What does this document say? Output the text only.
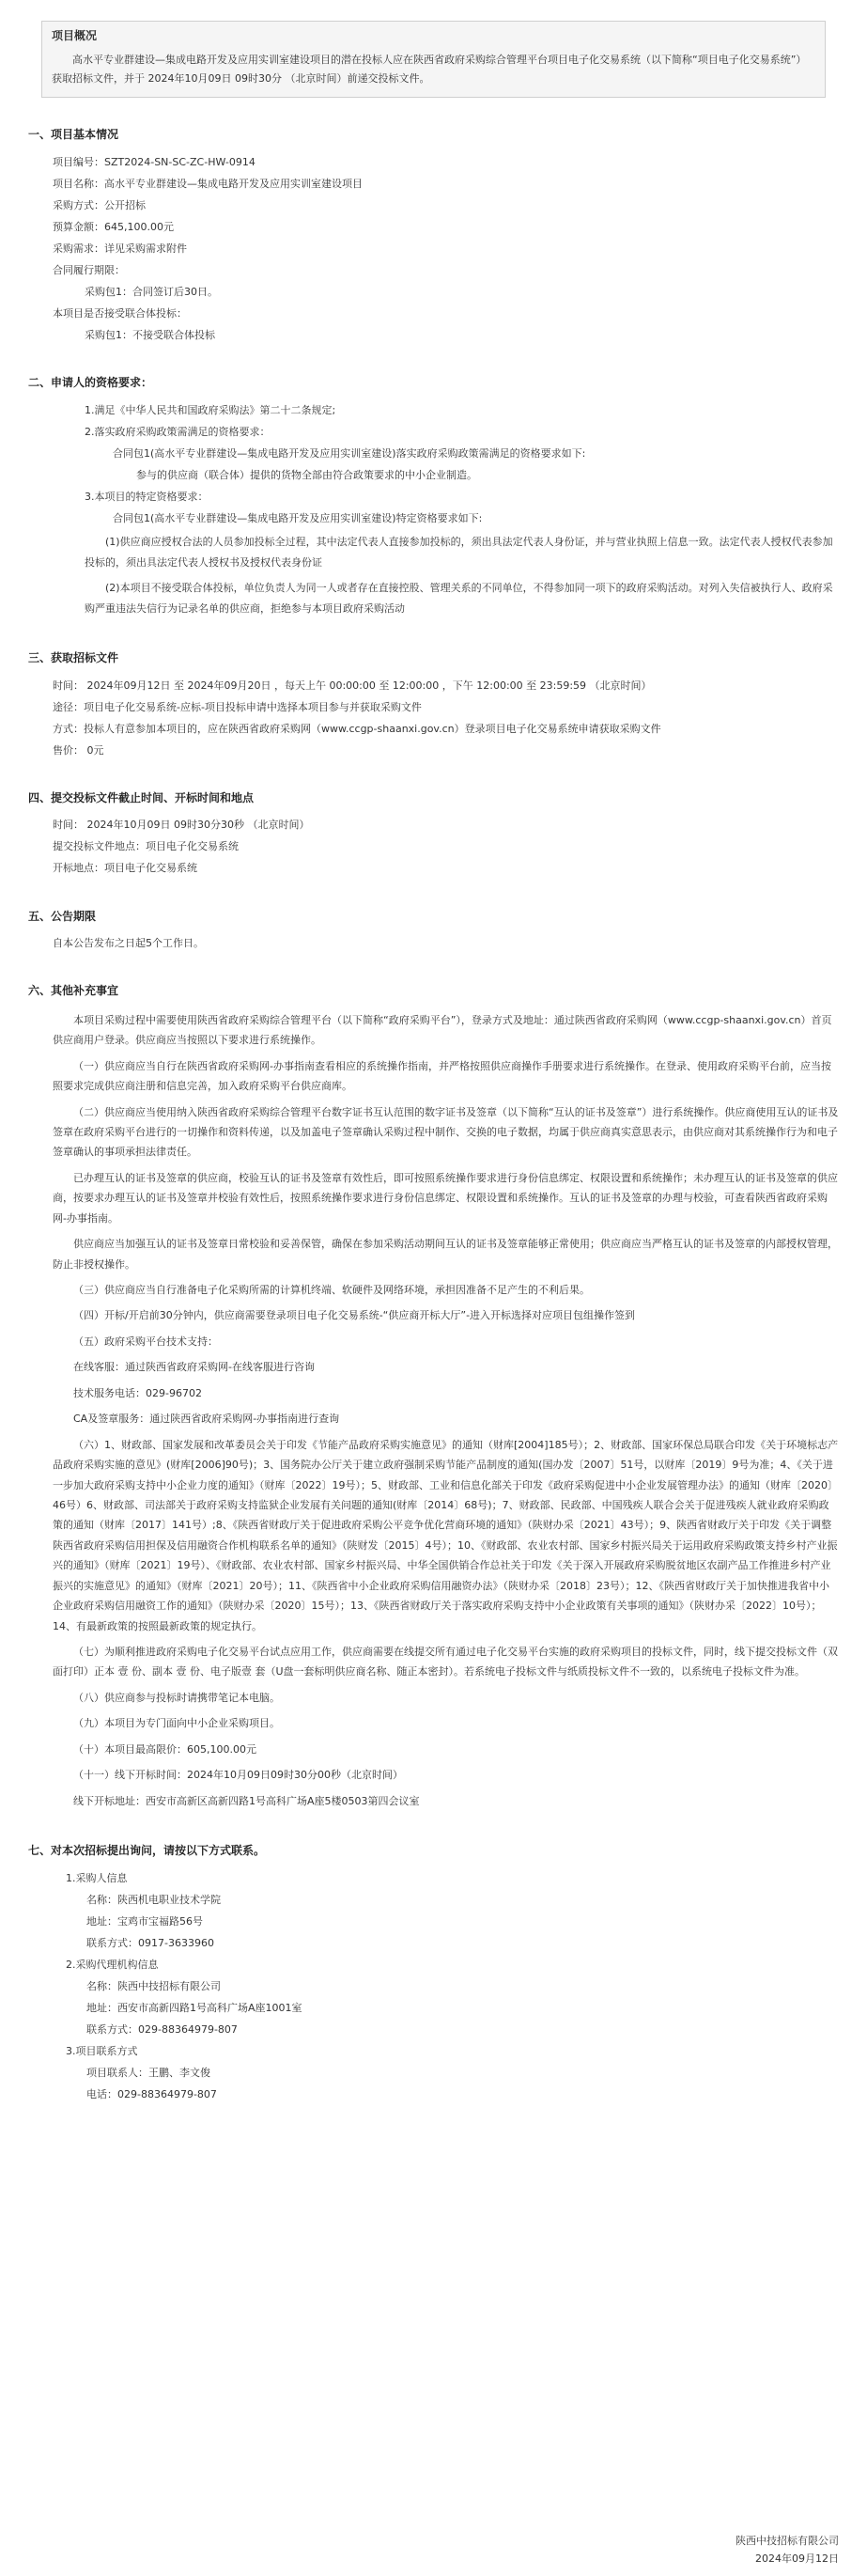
项目概况
高水平专业群建设—集成电路开发及应用实训室建设项目的潜在投标人应在陕西省政府采购综合管理平台项目电子化交易系统（以下简称“项目电子化交易系统”）获取招标文件，并于 2024年10月09日 09时30分 （北京时间）前递交投标文件。
一、项目基本情况

项目编号：SZT2024-SN-SC-ZC-HW-0914

项目名称：高水平专业群建设—集成电路开发及应用实训室建设项目

采购方式：公开招标

预算金额：645,100.00元

采购需求：详见采购需求附件

合同履行期限：

采购包1：合同签订后30日。

本项目是否接受联合体投标：

采购包1：不接受联合体投标

二、申请人的资格要求：

1.满足《中华人民共和国政府采购法》第二十二条规定;

2.落实政府采购政策需满足的资格要求：

合同包1(高水平专业群建设—集成电路开发及应用实训室建设)落实政府采购政策需满足的资格要求如下:

参与的供应商（联合体）提供的货物全部由符合政策要求的中小企业制造。

3.本项目的特定资格要求：

合同包1(高水平专业群建设—集成电路开发及应用实训室建设)特定资格要求如下:

(1)供应商应授权合法的人员参加投标全过程，其中法定代表人直接参加投标的，须出具法定代表人身份证，并与营业执照上信息一致。法定代表人授权代表参加投标的，须出具法定代表人授权书及授权代表身份证

(2)本项目不接受联合体投标，单位负责人为同一人或者存在直接控股、管理关系的不同单位，不得参加同一项下的政府采购活动。对列入失信被执行人、政府采购严重违法失信行为记录名单的供应商，拒绝参与本项目政府采购活动

三、获取招标文件

时间： 2024年09月12日 至 2024年09月20日 ，每天上午 00:00:00 至 12:00:00 ，下午 12:00:00 至 23:59:59 （北京时间）

途径：项目电子化交易系统-应标-项目投标申请中选择本项目参与并获取采购文件

方式：投标人有意参加本项目的，应在陕西省政府采购网（www.ccgp-shaanxi.gov.cn）登录项目电子化交易系统申请获取采购文件

售价： 0元

四、提交投标文件截止时间、开标时间和地点

时间： 2024年10月09日 09时30分30秒 （北京时间）

提交投标文件地点：项目电子化交易系统

开标地点：项目电子化交易系统

五、公告期限

自本公告发布之日起5个工作日。

六、其他补充事宜

本项目采购过程中需要使用陕西省政府采购综合管理平台（以下简称“政府采购平台”），登录方式及地址：通过陕西省政府采购网（www.ccgp-shaanxi.gov.cn）首页供应商用户登录。供应商应当按照以下要求进行系统操作。

（一）供应商应当自行在陕西省政府采购网-办事指南查看相应的系统操作指南，并严格按照供应商操作手册要求进行系统操作。在登录、使用政府采购平台前，应当按照要求完成供应商注册和信息完善，加入政府采购平台供应商库。

（二）供应商应当使用纳入陕西省政府采购综合管理平台数字证书互认范围的数字证书及签章（以下简称“互认的证书及签章”）进行系统操作。供应商使用互认的证书及签章在政府采购平台进行的一切操作和资料传递，以及加盖电子签章确认采购过程中制作、交换的电子数据，均属于供应商真实意思表示，由供应商对其系统操作行为和电子签章确认的事项承担法律责任。

已办理互认的证书及签章的供应商，校验互认的证书及签章有效性后，即可按照系统操作要求进行身份信息绑定、权限设置和系统操作；未办理互认的证书及签章的供应商，按要求办理互认的证书及签章并校验有效性后，按照系统操作要求进行身份信息绑定、权限设置和系统操作。互认的证书及签章的办理与校验，可查看陕西省政府采购网-办事指南。

供应商应当加强互认的证书及签章日常校验和妥善保管，确保在参加采购活动期间互认的证书及签章能够正常使用；供应商应当严格互认的证书及签章的内部授权管理，防止非授权操作。

（三）供应商应当自行准备电子化采购所需的计算机终端、软硬件及网络环境，承担因准备不足产生的不利后果。

（四）开标/开启前30分钟内，供应商需要登录项目电子化交易系统-“供应商开标大厅”-进入开标选择对应项目包组操作签到

（五）政府采购平台技术支持：

在线客服：通过陕西省政府采购网-在线客服进行咨询

技术服务电话：029-96702

CA及签章服务：通过陕西省政府采购网-办事指南进行查询

（六）1、财政部、国家发展和改革委员会关于印发《节能产品政府采购实施意见》的通知（财库[2004]185号）；2、财政部、国家环保总局联合印发《关于环境标志产品政府采购实施的意见》(财库[2006]90号)；3、国务院办公厅关于建立政府强制采购节能产品制度的通知(国办发〔2007〕51号，以财库〔2019〕9号为准；4、《关于进一步加大政府采购支持中小企业力度的通知》（财库〔2022〕19号）；5、财政部、工业和信息化部关于印发《政府采购促进中小企业发展管理办法》的通知（财库〔2020〕46号）6、财政部、司法部关于政府采购支持监狱企业发展有关问题的通知(财库〔2014〕68号)；7、财政部、民政部、中国残疾人联合会关于促进残疾人就业政府采购政策的通知（财库〔2017〕141号）;8、《陕西省财政厅关于促进政府采购公平竞争优化营商环境的通知》（陕财办采〔2021〕43号）；9、陕西省财政厅关于印发《关于调整陕西省政府采购信用担保及信用融资合作机构联系名单的通知》（陕财发〔2015〕4号）；10、《财政部、农业农村部、国家乡村振兴局关于运用政府采购政策支持乡村产业振兴的通知》（财库〔2021〕19号）、《财政部、农业农村部、国家乡村振兴局、中华全国供销合作总社关于印发《关于深入开展政府采购脱贫地区农副产品工作推进乡村产业振兴的实施意见》的通知》（财库〔2021〕20号）；11、《陕西省中小企业政府采购信用融资办法》（陕财办采〔2018〕23号）；12、《陕西省财政厅关于加快推进我省中小企业政府采购信用融资工作的通知》（陕财办采〔2020〕15号）；13、《陕西省财政厅关于落实政府采购支持中小企业政策有关事项的通知》（陕财办采〔2022〕10号）；14、有最新政策的按照最新政策的规定执行。

（七）为顺利推进政府采购电子化交易平台试点应用工作，供应商需要在线提交所有通过电子化交易平台实施的政府采购项目的投标文件，同时，线下提交投标文件（双面打印）正本 壹 份、副本 壹 份、电子版壹 套（U盘一套标明供应商名称、随正本密封）。若系统电子投标文件与纸质投标文件不一致的，以系统电子投标文件为准。

（八）供应商参与投标时请携带笔记本电脑。

（九）本项目为专门面向中小企业采购项目。

（十）本项目最高限价：605,100.00元

（十一）线下开标时间：2024年10月09日09时30分00秒（北京时间）

线下开标地址：西安市高新区高新四路1号高科广场A座5楼0503第四会议室

七、对本次招标提出询问，请按以下方式联系。

1.采购人信息

名称：陕西机电职业技术学院

地址：宝鸡市宝福路56号

联系方式：0917-3633960

2.采购代理机构信息

名称：陕西中技招标有限公司

地址：西安市高新四路1号高科广场A座1001室

联系方式：029-88364979-807

3.项目联系方式

项目联系人：王鹏、李文俊

电话：029-88364979-807

陕西中技招标有限公司
2024年09月12日
